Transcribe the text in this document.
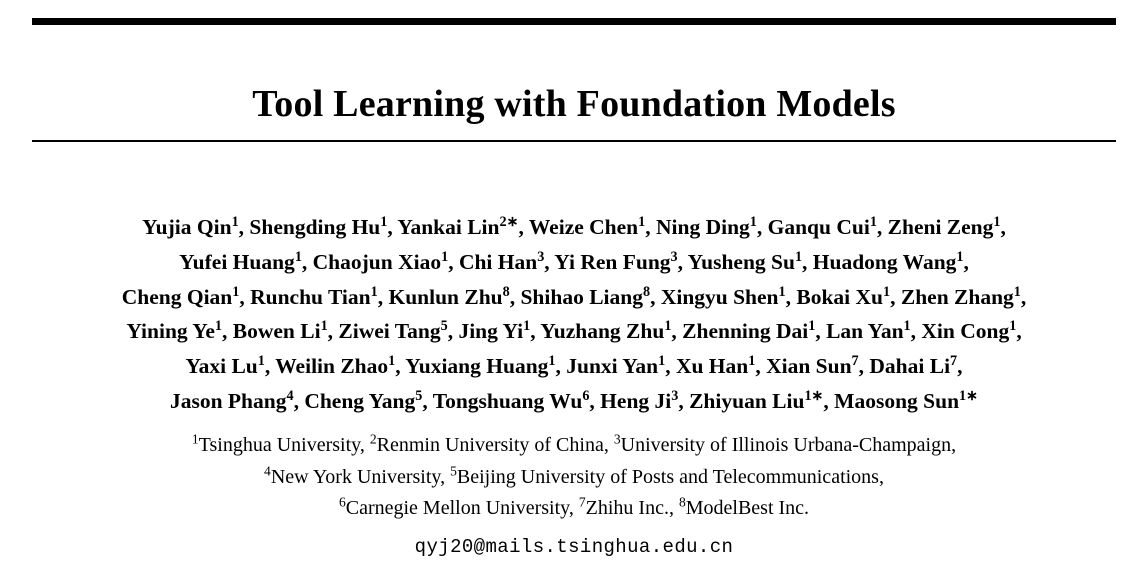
Tool Learning with Foundation Models
Yujia Qin$^1$, Shengding Hu$^1$, Yankai Lin$^{2∗}$, Weize Chen$^1$, Ning Ding$^1$, Ganqu Cui$^1$, Zheni Zeng$^1$,
Yufei Huang$^1$, Chaojun Xiao$^1$, Chi Han$^3$, Yi Ren Fung$^3$, Yusheng Su$^1$, Huadong Wang$^1$,
Cheng Qian$^1$, Runchu Tian$^1$, Kunlun Zhu$^8$, Shihao Liang$^8$, Xingyu Shen$^1$, Bokai Xu$^1$, Zhen Zhang$^1$,
Yining Ye$^1$, Bowen Li$^1$, Ziwei Tang$^5$, Jing Yi$^1$, Yuzhang Zhu$^1$, Zhenning Dai$^1$, Lan Yan$^1$, Xin Cong$^1$,
Yaxi Lu$^1$, Weilin Zhao$^1$, Yuxiang Huang$^1$, Junxi Yan$^1$, Xu Han$^1$, Xian Sun$^7$, Dahai Li$^7$,
Jason Phang$^4$, Cheng Yang$^5$, Tongshuang Wu$^6$, Heng Ji$^3$, Zhiyuan Liu$^{1∗}$, Maosong Sun$^{1∗}$
$^1$Tsinghua University, $^2$Renmin University of China, $^3$University of Illinois Urbana-Champaign,
$^4$New York University, $^5$Beijing University of Posts and Telecommunications,
$^6$Carnegie Mellon University, $^7$Zhihu Inc., $^8$ModelBest Inc.
qyj20@mails.tsinghua.edu.cn
